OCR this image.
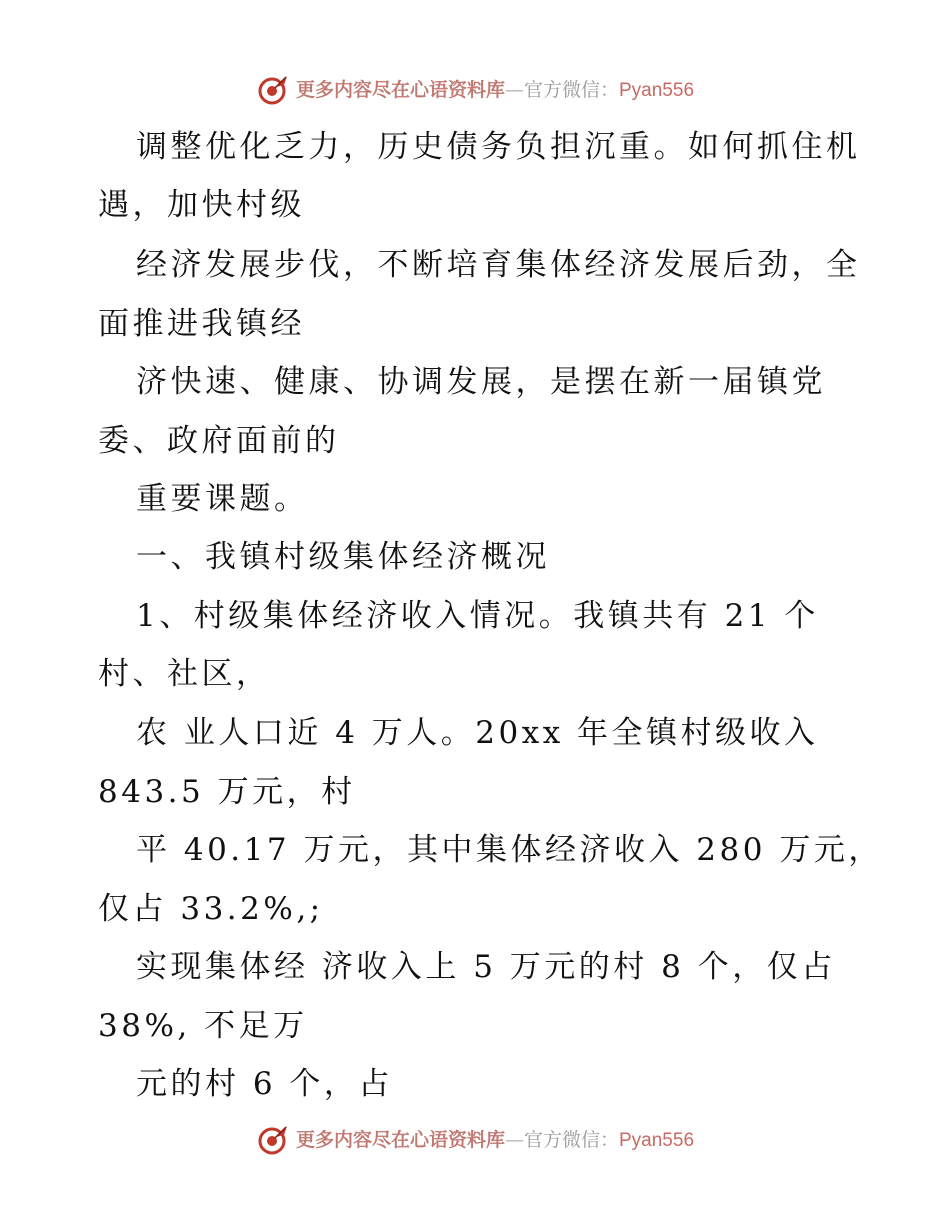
更多内容尽在心语资料库 — 官方微信： Pyan556
调整优化乏力，历史债务负担沉重。如何抓住机
遇，加快村级
经济发展步伐，不断培育集体经济发展后劲，全
面推进我镇经
济快速、健康、协调发展，是摆在新一届镇党
委、政府面前的
重要课题。
一、我镇村级集体经济概况
1、村级集体经济收入情况。我镇共有 21 个
村、社区，
农 业人口近 4 万人。20xx 年全镇村级收入
843.5 万元，村
平 40.17 万元，其中集体经济收入 280 万元，
仅占 33.2%,;
实现集体经 济收入上 5 万元的村 8 个，仅占
38%, 不足万
元的村 6 个，占
更多内容尽在心语资料库 — 官方微信： Pyan556
